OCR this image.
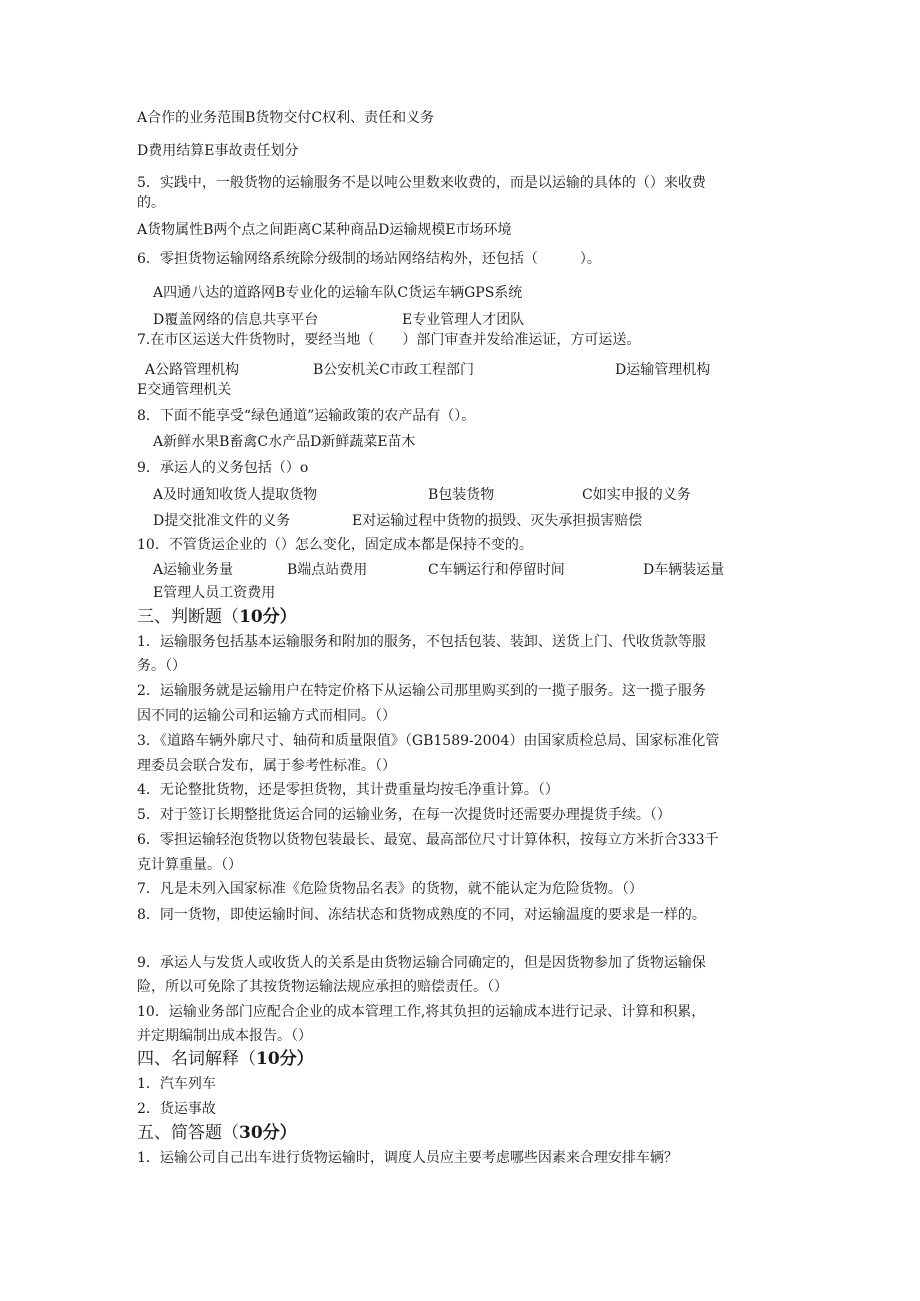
A合作的业务范围B货物交付C权利、责任和义务
D费用结算E事故责任划分
5．实践中，一般货物的运输服务不是以吨公里数来收费的，而是以运输的具体的（）来收费
的。
A货物属性B两个点之间距离C某种商品D运输规模E市场环境
6．零担货物运输网络系统除分级制的场站网络结构外，还包括（　　　）。
A四通八达的道路网B专业化的运输车队C货运车辆GPS系统
D覆盖网络的信息共享平台	E专业管理人才团队
7.在市区运送大件货物时，要经当地（　　）部门审查并发给准运证，方可运送。
A公路管理机构	B公安机关C市政工程部门	D运输管理机构
E交通管理机关
8．下面不能享受“绿色通道”运输政策的农产品有（）。
A新鲜水果B畜禽C水产品D新鲜蔬菜E苗木
9．承运人的义务包括（）o
A及时通知收货人提取货物	B包装货物	C如实申报的义务
D提交批准文件的义务	E对运输过程中货物的损毁、灭失承担损害赔偿
10．不管货运企业的（）怎么变化，固定成本都是保持不变的。
A运输业务量	B端点站费用	C车辆运行和停留时间	D车辆装运量
E管理人员工资费用
三、判断题（10分）
1．运输服务包括基本运输服务和附加的服务，不包括包装、装卸、送货上门、代收货款等服
务。（）
2．运输服务就是运输用户在特定价格下从运输公司那里购买到的一揽子服务。这一揽子服务
因不同的运输公司和运输方式而相同。（）
3．《道路车辆外廓尺寸、轴荷和质量限值》（GB1589-2004）由国家质检总局、国家标准化管
理委员会联合发布，属于参考性标准。（）
4．无论整批货物，还是零担货物，其计费重量均按毛净重计算。（）
5．对于签订长期整批货运合同的运输业务，在每一次提货时还需要办理提货手续。（）
6．零担运输轻泡货物以货物包装最长、最宽、最高部位尺寸计算体积，按每立方米折合333千
克计算重量。（）
7．凡是未列入国家标准《危险货物品名表》的货物，就不能认定为危险货物。（）
8．同一货物，即使运输时间、冻结状态和货物成熟度的不同，对运输温度的要求是一样的。
9．承运人与发货人或收货人的关系是由货物运输合同确定的，但是因货物参加了货物运输保
险，所以可免除了其按货物运输法规应承担的赔偿责任。（）
10．运输业务部门应配合企业的成本管理工作,将其负担的运输成本进行记录、计算和积累，
并定期编制出成本报告。（）
四、名词解释（10分）
1．汽车列车
2．货运事故
五、简答题（30分）
1．运输公司自己出车进行货物运输时，调度人员应主要考虑哪些因素来合理安排车辆？
